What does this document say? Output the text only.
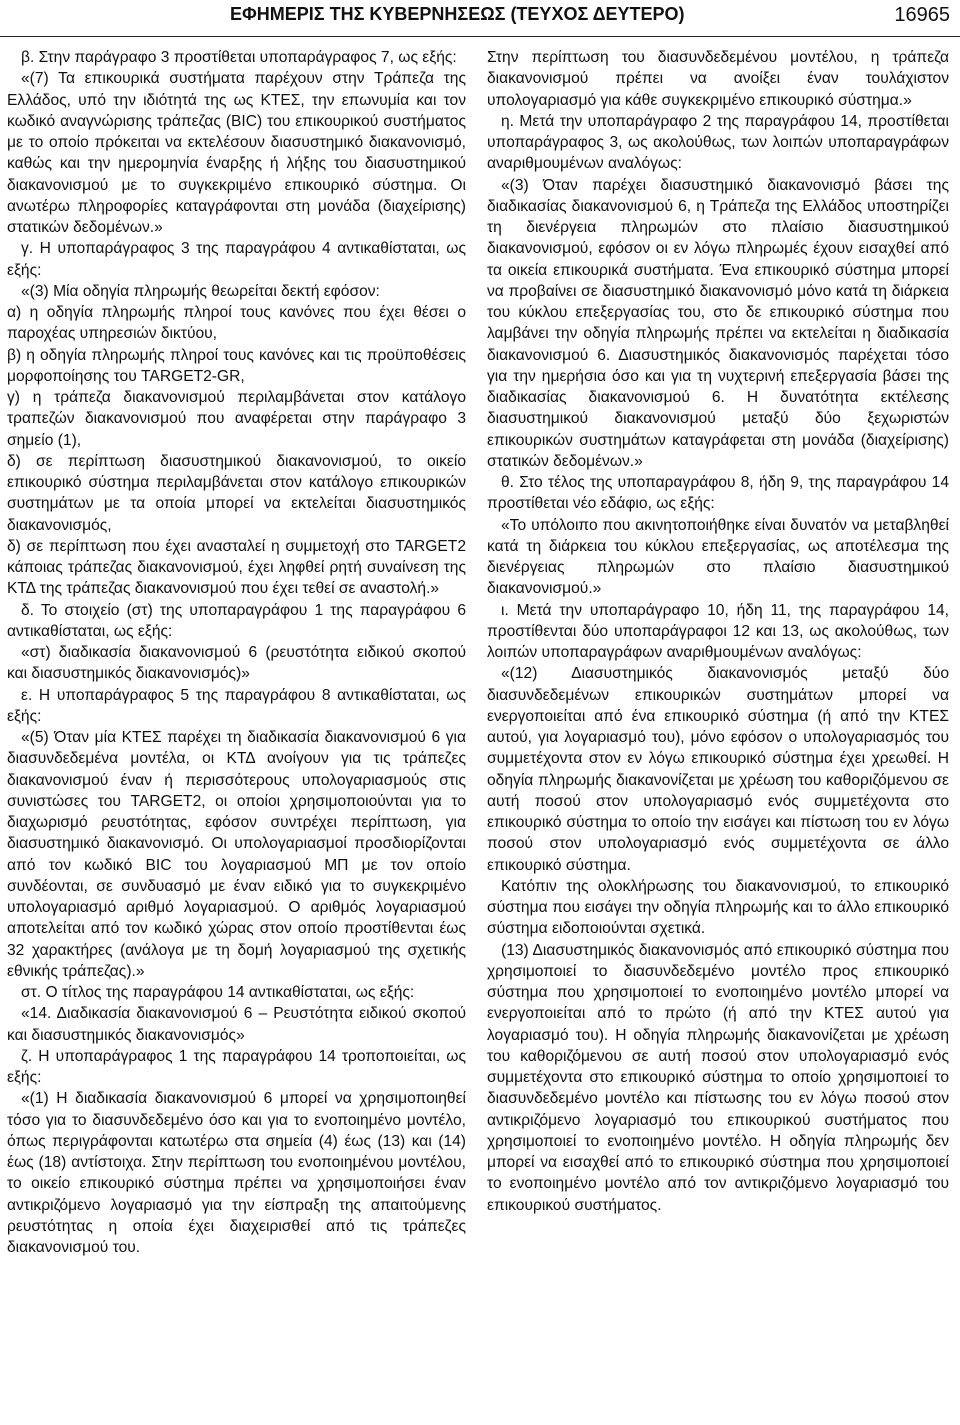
ΕΦΗΜΕΡΙΣ ΤΗΣ ΚΥΒΕΡΝΗΣΕΩΣ (ΤΕΥΧΟΣ ΔΕΥΤΕΡΟ)	16965

β. Στην παράγραφο 3 προστίθεται υποπαράγραφος 7, ως εξής:

«(7) Τα επικουρικά συστήματα παρέχουν στην Τράπεζα της Ελλάδος, υπό την ιδιότητά της ως ΚΤΕΣ, την επωνυμία και τον κωδικό αναγνώρισης τράπεζας (BIC) του επικουρικού συστήματος με το οποίο πρόκειται να εκτελέσουν διασυστημικό διακανονισμό, καθώς και την ημερομηνία έναρξης ή λήξης του διασυστημικού διακανονισμού με το συγκεκριμένο επικουρικό σύστημα. Οι ανωτέρω πληροφορίες καταγράφονται στη μονάδα (διαχείρισης) στατικών δεδομένων.»

γ. Η υποπαράγραφος 3 της παραγράφου 4 αντικαθίσταται, ως εξής:

«(3) Μία οδηγία πληρωμής θεωρείται δεκτή εφόσον:

α) η οδηγία πληρωμής πληροί τους κανόνες που έχει θέσει ο παροχέας υπηρεσιών δικτύου,

β) η οδηγία πληρωμής πληροί τους κανόνες και τις προϋποθέσεις μορφοποίησης του TARGET2-GR,

γ) η τράπεζα διακανονισμού περιλαμβάνεται στον κατάλογο τραπεζών διακανονισμού που αναφέρεται στην παράγραφο 3 σημείο (1),

δ) σε περίπτωση διασυστημικού διακανονισμού, το οικείο επικουρικό σύστημα περιλαμβάνεται στον κατάλογο επικουρικών συστημάτων με τα οποία μπορεί να εκτελείται διασυστημικός διακανονισμός,

δ) σε περίπτωση που έχει ανασταλεί η συμμετοχή στο TARGET2 κάποιας τράπεζας διακανονισμού, έχει ληφθεί ρητή συναίνεση της ΚΤΔ της τράπεζας διακανονισμού που έχει τεθεί σε αναστολή.»

δ. Το στοιχείο (στ) της υποπαραγράφου 1 της παραγράφου 6 αντικαθίσταται, ως εξής:

«στ) διαδικασία διακανονισμού 6 (ρευστότητα ειδικού σκοπού και διασυστημικός διακανονισμός)»

ε. Η υποπαράγραφος 5 της παραγράφου 8 αντικαθίσταται, ως εξής:

«(5) Όταν μία ΚΤΕΣ παρέχει τη διαδικασία διακανονισμού 6 για διασυνδεδεμένα μοντέλα, οι ΚΤΔ ανοίγουν για τις τράπεζες διακανονισμού έναν ή περισσότερους υπολογαριασμούς στις συνιστώσες του TARGET2, οι οποίοι χρησιμοποιούνται για το διαχωρισμό ρευστότητας, εφόσον συντρέχει περίπτωση, για διασυστημικό διακανονισμό. Οι υπολογαριασμοί προσδιορίζονται από τον κωδικό BIC του λογαριασμού ΜΠ με τον οποίο συνδέονται, σε συνδυασμό με έναν ειδικό για το συγκεκριμένο υπολογαριασμό αριθμό λογαριασμού. Ο αριθμός λογαριασμού αποτελείται από τον κωδικό χώρας στον οποίο προστίθενται έως 32 χαρακτήρες (ανάλογα με τη δομή λογαριασμού της σχετικής εθνικής τράπεζας).»

στ. Ο τίτλος της παραγράφου 14 αντικαθίσταται, ως εξής:

«14. Διαδικασία διακανονισμού 6 – Ρευστότητα ειδικού σκοπού και διασυστημικός διακανονισμός»

ζ. Η υποπαράγραφος 1 της παραγράφου 14 τροποποιείται, ως εξής:

«(1) Η διαδικασία διακανονισμού 6 μπορεί να χρησιμοποιηθεί τόσο για το διασυνδεδεμένο όσο και για το ενοποιημένο μοντέλο, όπως περιγράφονται κατωτέρω στα σημεία (4) έως (13) και (14) έως (18) αντίστοιχα. Στην περίπτωση του ενοποιημένου μοντέλου, το οικείο επικουρικό σύστημα πρέπει να χρησιμοποιήσει έναν αντικριζόμενο λογαριασμό για την είσπραξη της απαιτούμενης ρευστότητας η οποία έχει διαχειρισθεί από τις τράπεζες διακανονισμού του.

Στην περίπτωση του διασυνδεδεμένου μοντέλου, η τράπεζα διακανονισμού πρέπει να ανοίξει έναν τουλάχιστον υπολογαριασμό για κάθε συγκεκριμένο επικουρικό σύστημα.»

η. Μετά την υποπαράγραφο 2 της παραγράφου 14, προστίθεται υποπαράγραφος 3, ως ακολούθως, των λοιπών υποπαραγράφων αναριθμουμένων αναλόγως:

«(3) Όταν παρέχει διασυστημικό διακανονισμό βάσει της διαδικασίας διακανονισμού 6, η Τράπεζα της Ελλάδος υποστηρίζει τη διενέργεια πληρωμών στο πλαίσιο διασυστημικού διακανονισμού, εφόσον οι εν λόγω πληρωμές έχουν εισαχθεί από τα οικεία επικουρικά συστήματα. Ένα επικουρικό σύστημα μπορεί να προβαίνει σε διασυστημικό διακανονισμό μόνο κατά τη διάρκεια του κύκλου επεξεργασίας του, στο δε επικουρικό σύστημα που λαμβάνει την οδηγία πληρωμής πρέπει να εκτελείται η διαδικασία διακανονισμού 6. Διασυστημικός διακανονισμός παρέχεται τόσο για την ημερήσια όσο και για τη νυχτερινή επεξεργασία βάσει της διαδικασίας διακανονισμού 6. Η δυνατότητα εκτέλεσης διασυστημικού διακανονισμού μεταξύ δύο ξεχωριστών επικουρικών συστημάτων καταγράφεται στη μονάδα (διαχείρισης) στατικών δεδομένων.»

θ. Στο τέλος της υποπαραγράφου 8, ήδη 9, της παραγράφου 14 προστίθεται νέο εδάφιο, ως εξής:

«Το υπόλοιπο που ακινητοποιήθηκε είναι δυνατόν να μεταβληθεί κατά τη διάρκεια του κύκλου επεξεργασίας, ως αποτέλεσμα της διενέργειας πληρωμών στο πλαίσιο διασυστημικού διακανονισμού.»

ι. Μετά την υποπαράγραφο 10, ήδη 11, της παραγράφου 14, προστίθενται δύο υποπαράγραφοι 12 και 13, ως ακολούθως, των λοιπών υποπαραγράφων αναριθμουμένων αναλόγως:

«(12) Διασυστημικός διακανονισμός μεταξύ δύο διασυνδεδεμένων επικουρικών συστημάτων μπορεί να ενεργοποιείται από ένα επικουρικό σύστημα (ή από την ΚΤΕΣ αυτού, για λογαριασμό του), μόνο εφόσον ο υπολογαριασμός του συμμετέχοντα στον εν λόγω επικουρικό σύστημα έχει χρεωθεί. Η οδηγία πληρωμής διακανονίζεται με χρέωση του καθοριζόμενου σε αυτή ποσού στον υπολογαριασμό ενός συμμετέχοντα στο επικουρικό σύστημα το οποίο την εισάγει και πίστωση του εν λόγω ποσού στον υπολογαριασμό ενός συμμετέχοντα σε άλλο επικουρικό σύστημα.

Κατόπιν της ολοκλήρωσης του διακανονισμού, το επικουρικό σύστημα που εισάγει την οδηγία πληρωμής και το άλλο επικουρικό σύστημα ειδοποιούνται σχετικά.

(13) Διασυστημικός διακανονισμός από επικουρικό σύστημα που χρησιμοποιεί το διασυνδεδεμένο μοντέλο προς επικουρικό σύστημα που χρησιμοποιεί το ενοποιημένο μοντέλο μπορεί να ενεργοποιείται από το πρώτο (ή από την ΚΤΕΣ αυτού για λογαριασμό του). Η οδηγία πληρωμής διακανονίζεται με χρέωση του καθοριζόμενου σε αυτή ποσού στον υπολογαριασμό ενός συμμετέχοντα στο επικουρικό σύστημα το οποίο χρησιμοποιεί το διασυνδεδεμένο μοντέλο και πίστωσης του εν λόγω ποσού στον αντικριζόμενο λογαριασμό του επικουρικού συστήματος που χρησιμοποιεί το ενοποιημένο μοντέλο. Η οδηγία πληρωμής δεν μπορεί να εισαχθεί από το επικουρικό σύστημα που χρησιμοποιεί το ενοποιημένο μοντέλο από τον αντικριζόμενο λογαριασμό του επικουρικού συστήματος.
